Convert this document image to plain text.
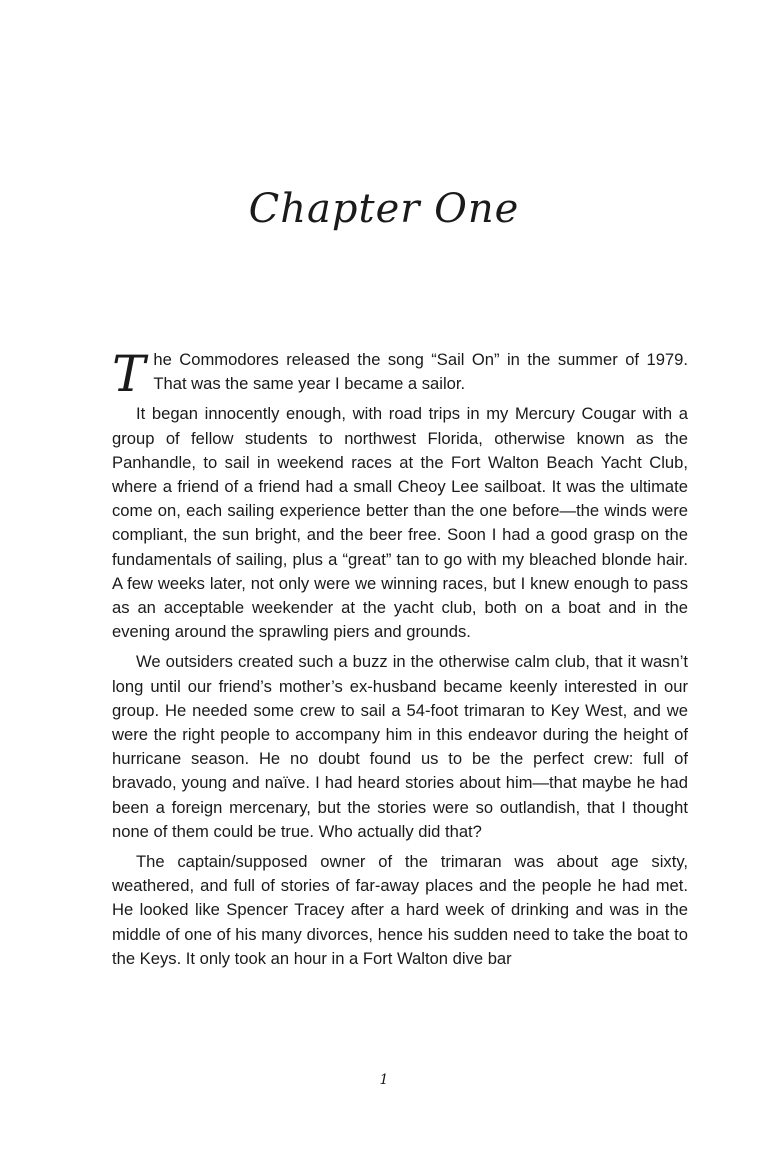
Chapter One

The Commodores released the song “Sail On” in the summer of 1979. That was the same year I became a sailor.

It began innocently enough, with road trips in my Mercury Cougar with a group of fellow students to northwest Florida, otherwise known as the Panhandle, to sail in weekend races at the Fort Walton Beach Yacht Club, where a friend of a friend had a small Cheoy Lee sailboat. It was the ultimate come on, each sailing experience better than the one before—the winds were compliant, the sun bright, and the beer free. Soon I had a good grasp on the fundamentals of sailing, plus a “great” tan to go with my bleached blonde hair. A few weeks later, not only were we winning races, but I knew enough to pass as an acceptable weekender at the yacht club, both on a boat and in the evening around the sprawling piers and grounds.

We outsiders created such a buzz in the otherwise calm club, that it wasn’t long until our friend’s mother’s ex-husband became keenly interested in our group. He needed some crew to sail a 54-foot trimaran to Key West, and we were the right people to accompany him in this endeavor during the height of hurricane season. He no doubt found us to be the perfect crew: full of bravado, young and naïve. I had heard stories about him—that maybe he had been a foreign mercenary, but the stories were so outlandish, that I thought none of them could be true. Who actually did that?

The captain/supposed owner of the trimaran was about age sixty, weathered, and full of stories of far-away places and the people he had met. He looked like Spencer Tracey after a hard week of drinking and was in the middle of one of his many divorces, hence his sudden need to take the boat to the Keys. It only took an hour in a Fort Walton dive bar

1
